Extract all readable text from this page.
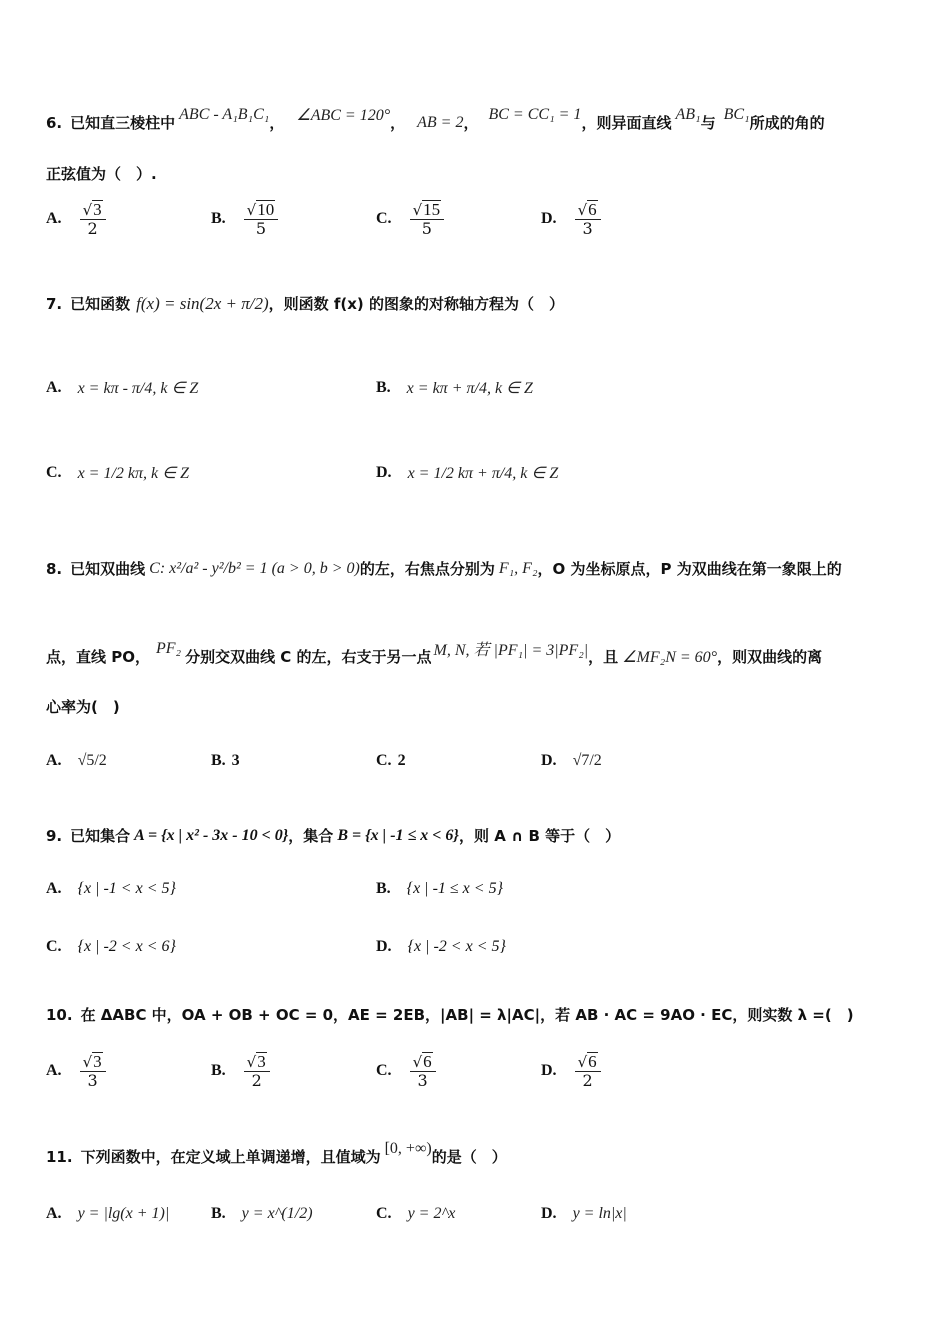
6. 已知直三棱柱中 ABC - A₁B₁C₁ ， ∠ABC = 120° ， AB = 2 ， BC = CC₁ = 1 ，则异面直线 AB₁ 与 BC₁ 所成的角的
正弦值为（　）.
A. $\frac{√ 3}{2}$	B. $\frac{√ 10}{5}$	C. $\frac{√ 15}{5}$	D. $\frac{√ 6}{3}$
7. 已知函数 f(x) = sin(2x + π/2) ，则函数 f(x) 的图象的对称轴方程为（　）
A. x = kπ - π/4, k ∈ Z	B. x = kπ + π/4, k ∈ Z
C. x = 1/2 kπ, k ∈ Z	D. x = 1/2 kπ + π/4, k ∈ Z
8. 已知双曲线 C: x²/a² - y²/b² = 1 (a > 0, b > 0) 的左，右焦点分别为 F₁, F₂ ，O 为坐标原点，P 为双曲线在第一象限上的
点，直线 PO， PF₂ 分别交双曲线 C 的左，右支于另一点 M, N, 若 |PF₁| = 3|PF₂| ，且 ∠MF₂N = 60° ，则双曲线的离
心率为(　)
A. √5/2	B. 3	C. 2	D. √7/2
9. 已知集合 A = {x | x² - 3x - 10 < 0} ，集合 B = {x | -1 ≤ x < 6} ，则 A ∩ B 等于（　）
A. {x | -1 < x < 5}	B. {x | -1 ≤ x < 5}
C. {x | -2 < x < 6}	D. {x | -2 < x < 5}
10. 在 ΔABC 中，OA + OB + OC = 0，AE = 2EB，|AB| = λ|AC|，若 AB · AC = 9AO · EC，则实数 λ =(　)
A. $\frac{√ 3}{3}$	B. $\frac{√ 3}{2}$	C. $\frac{√ 6}{3}$	D. $\frac{√ 6}{2}$
11. 下列函数中，在定义域上单调递增，且值域为 [0, +∞) 的是（　）
A. y = |lg(x + 1)|	B. y = x^(1/2)	C. y = 2^x	D. y = ln|x|
